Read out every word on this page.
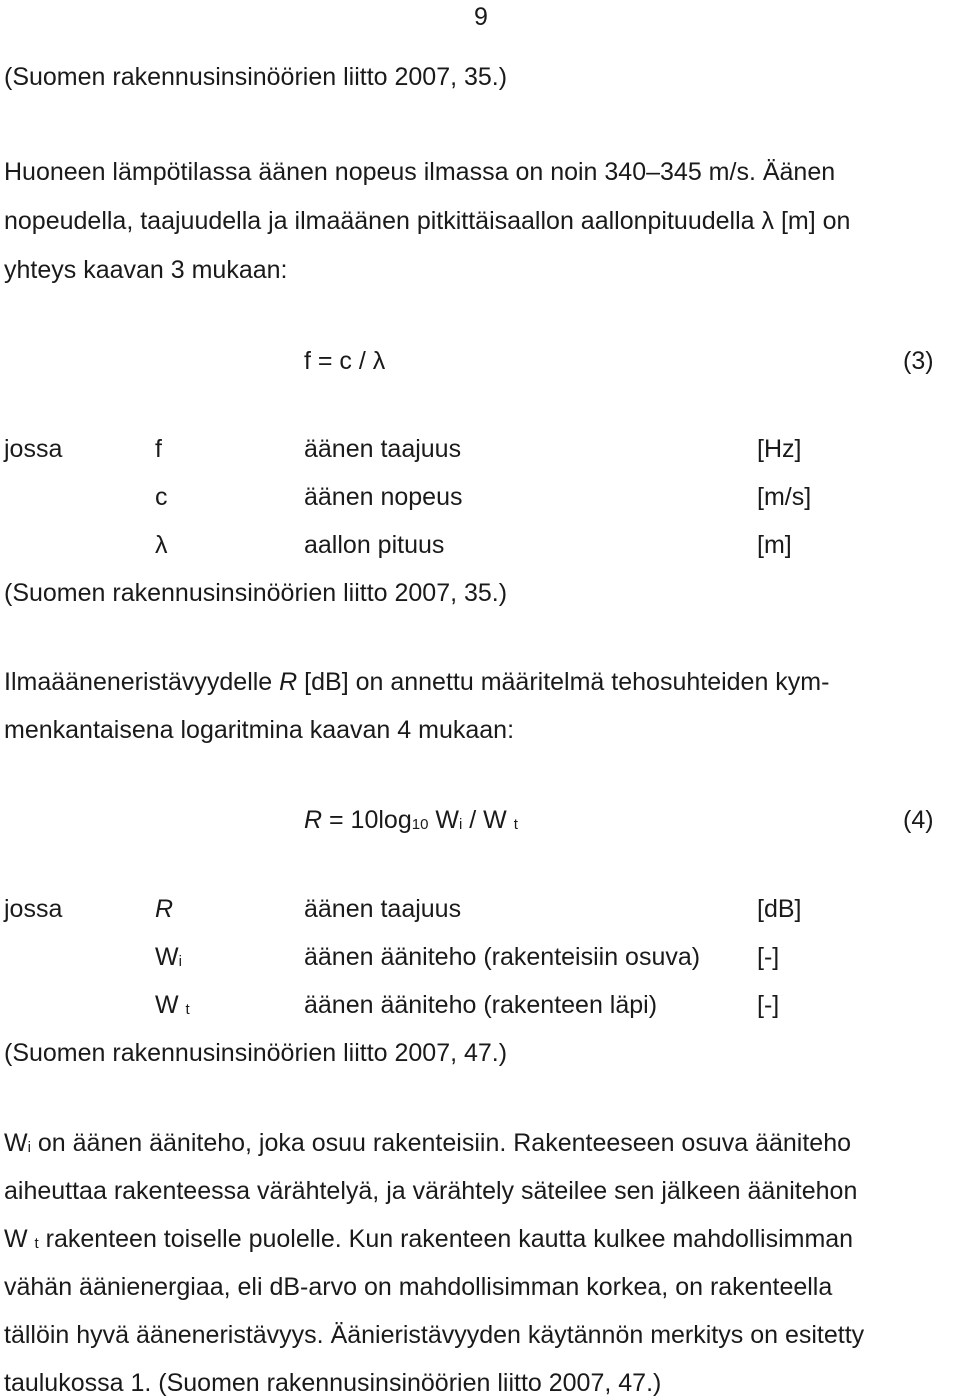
9
(Suomen rakennusinsinöörien liitto 2007, 35.)
Huoneen lämpötilassa äänen nopeus ilmassa on noin 340–345 m/s. Äänen
nopeudella, taajuudella ja ilmaäänen pitkittäisaallon aallonpituudella λ [m] on
yhteys kaavan 3 mukaan:
f = c / λ	(3)
jossa	f	äänen taajuus	[Hz]
c	äänen nopeus	[m/s]
λ	aallon pituus	[m]
(Suomen rakennusinsinöörien liitto 2007, 35.)
Ilmaääneneristävyydelle R [dB] on annettu määritelmä tehosuhteiden kym-
menkantaisena logaritmina kaavan 4 mukaan:
R = 10log10 Wi / W t	(4)
jossa	R	äänen taajuus	[dB]
Wi	äänen ääniteho (rakenteisiin osuva) [-]
W t	äänen ääniteho (rakenteen läpi)	[-]
(Suomen rakennusinsinöörien liitto 2007, 47.)
Wi on äänen ääniteho, joka osuu rakenteisiin. Rakenteeseen osuva ääniteho
aiheuttaa rakenteessa värähtelyä, ja värähtely säteilee sen jälkeen äänitehon
W t rakenteen toiselle puolelle. Kun rakenteen kautta kulkee mahdollisimman
vähän äänienergiaa, eli dB-arvo on mahdollisimman korkea, on rakenteella
tällöin hyvä ääneneristävyys. Äänieristävyyden käytännön merkitys on esitetty
taulukossa 1. (Suomen rakennusinsinöörien liitto 2007, 47.)
